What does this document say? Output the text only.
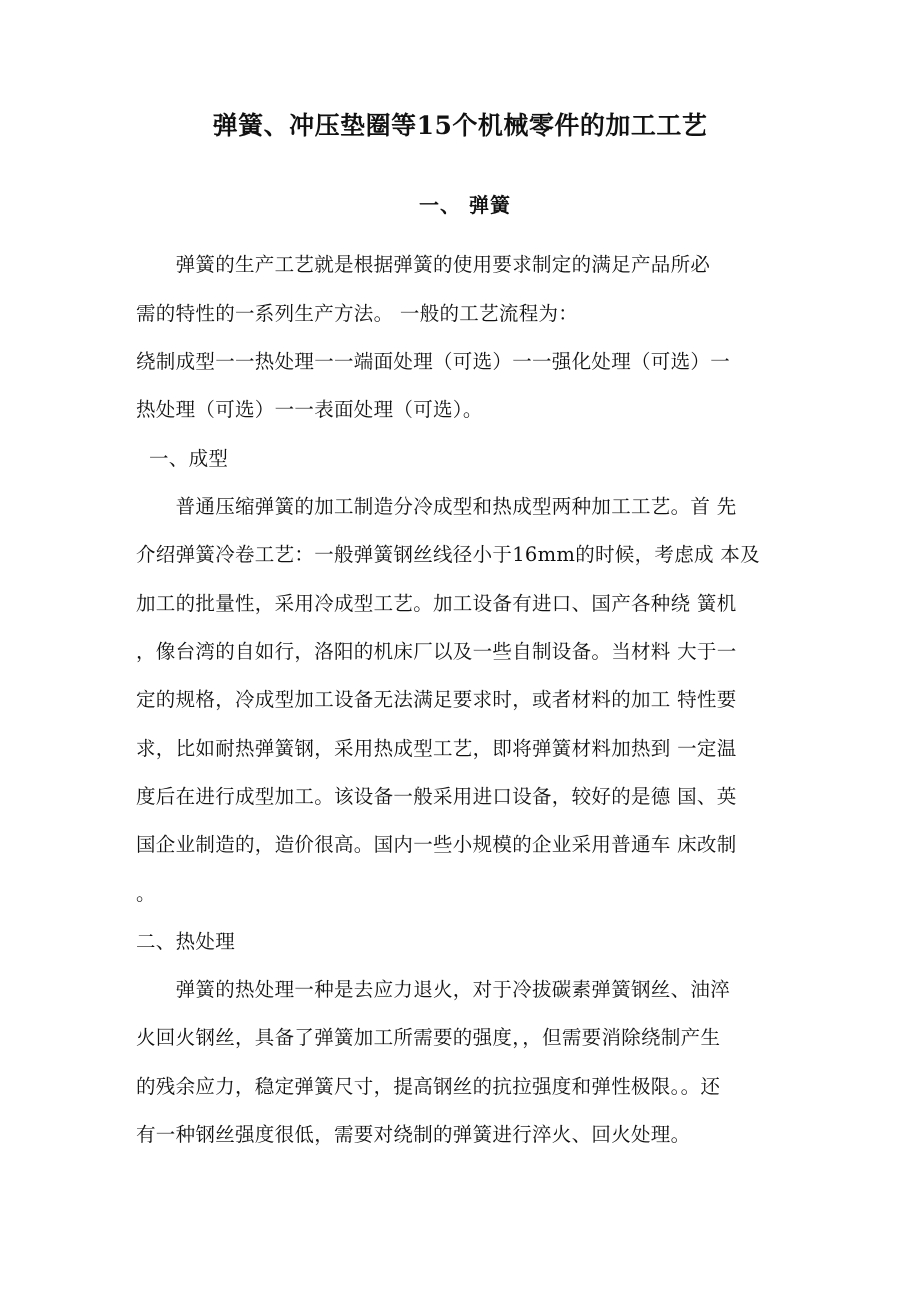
弹簧、冲压垫圈等15个机械零件的加工工艺
一、 弹簧
　　弹簧的生产工艺就是根据弹簧的使用要求制定的满足产品所必
需的特性的一系列生产方法。 一般的工艺流程为：
绕制成型一一热处理一一端面处理（可选）一一强化处理（可选）一
热处理（可选）一一表面处理（可选）。
一、成型
　　普通压缩弹簧的加工制造分冷成型和热成型两种加工工艺。首 先
介绍弹簧冷卷工艺：一般弹簧钢丝线径小于16mm的时候，考虑成 本及
加工的批量性，采用冷成型工艺。加工设备有进口、国产各种绕 簧机
，像台湾的自如行，洛阳的机床厂以及一些自制设备。当材料 大于一
定的规格，冷成型加工设备无法满足要求时，或者材料的加工 特性要
求，比如耐热弹簧钢，采用热成型工艺，即将弹簧材料加热到 一定温
度后在进行成型加工。该设备一般采用进口设备，较好的是德 国、英
国企业制造的，造价很高。国内一些小规模的企业采用普通车 床改制
。
二、热处理
　　弹簧的热处理一种是去应力退火，对于冷拔碳素弹簧钢丝、油淬
火回火钢丝，具备了弹簧加工所需要的强度，，但需要消除绕制产生
的残余应力，稳定弹簧尺寸，提高钢丝的抗拉强度和弹性极限。。还
有一种钢丝强度很低，需要对绕制的弹簧进行淬火、回火处理。
